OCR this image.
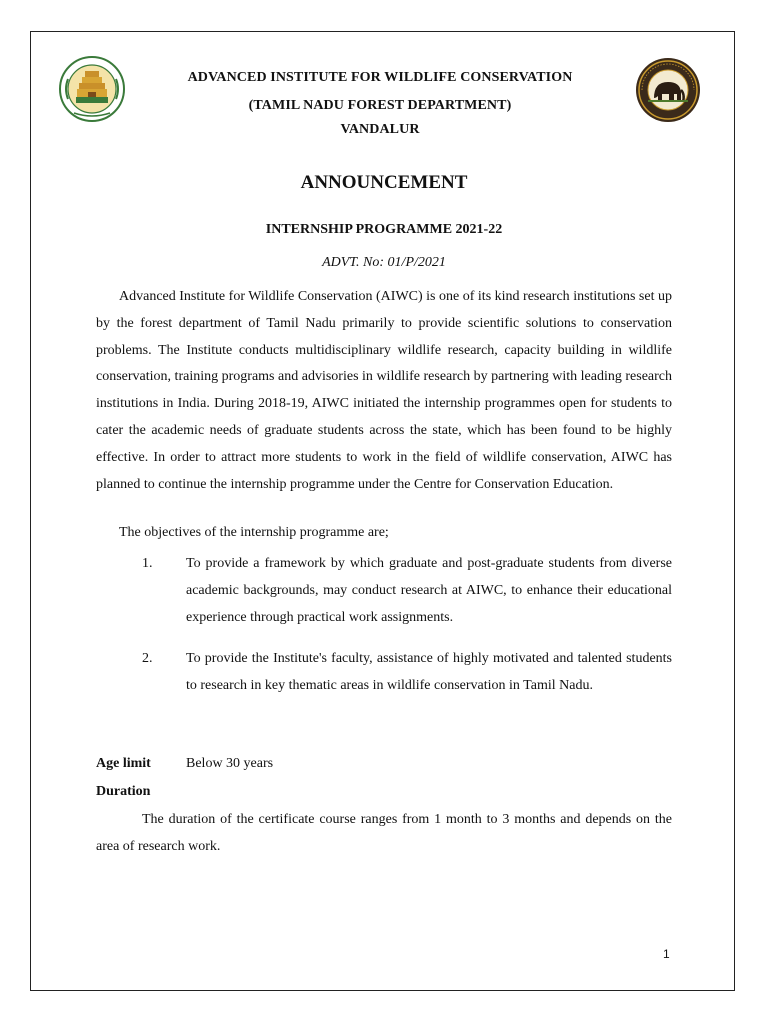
ADVANCED INSTITUTE FOR WILDLIFE CONSERVATION
(TAMIL NADU FOREST DEPARTMENT)
VANDALUR
ANNOUNCEMENT
INTERNSHIP PROGRAMME 2021-22
ADVT. No: 01/P/2021

Advanced Institute for Wildlife Conservation (AIWC) is one of its kind research institutions set up by the forest department of Tamil Nadu primarily to provide scientific solutions to conservation problems. The Institute conducts multidisciplinary wildlife research, capacity building in wildlife conservation, training programs and advisories in wildlife research by partnering with leading research institutions in India. During 2018-19, AIWC initiated the internship programmes open for students to cater the academic needs of graduate students across the state, which has been found to be highly effective. In order to attract more students to work in the field of wildlife conservation, AIWC has planned to continue the internship programme under the Centre for Conservation Education.

The objectives of the internship programme are;

1. To provide a framework by which graduate and post-graduate students from diverse academic backgrounds, may conduct research at AIWC, to enhance their educational experience through practical work assignments.

2. To provide the Institute's faculty, assistance of highly motivated and talented students to research in key thematic areas in wildlife conservation in Tamil Nadu.

Age limit	Below 30 years
Duration

The duration of the certificate course ranges from 1 month to 3 months and depends on the area of research work.

1
